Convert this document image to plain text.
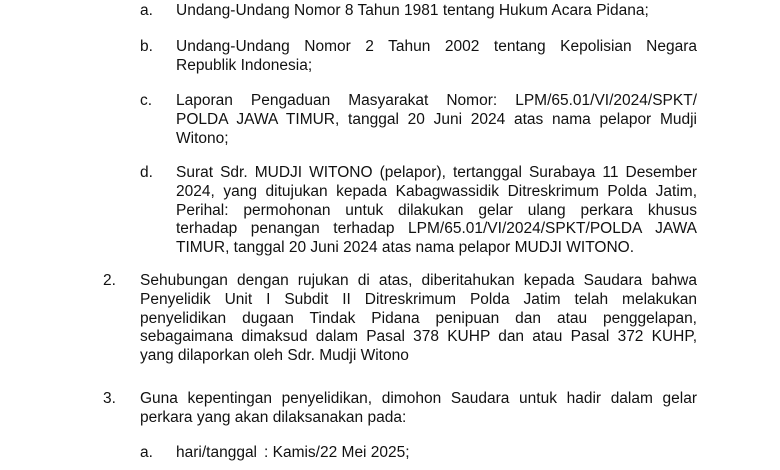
a. Undang-Undang Nomor 8 Tahun 1981 tentang Hukum Acara Pidana;
b. Undang-Undang Nomor 2 Tahun 2002 tentang Kepolisian Negara
Republik Indonesia;
c. Laporan Pengaduan Masyarakat Nomor: LPM/65.01/VI/2024/SPKT/
POLDA JAWA TIMUR, tanggal 20 Juni 2024 atas nama pelapor Mudji
Witono;
d. Surat Sdr. MUDJI WITONO (pelapor), tertanggal Surabaya 11 Desember
2024, yang ditujukan kepada Kabagwassidik Ditreskrimum Polda Jatim,
Perihal: permohonan untuk dilakukan gelar ulang perkara khusus
terhadap penangan terhadap LPM/65.01/VI/2024/SPKT/POLDA JAWA
TIMUR, tanggal 20 Juni 2024 atas nama pelapor MUDJI WITONO.
2. Sehubungan dengan rujukan di atas, diberitahukan kepada Saudara bahwa
Penyelidik Unit I Subdit II Ditreskrimum Polda Jatim telah melakukan
penyelidikan dugaan Tindak Pidana penipuan dan atau penggelapan,
sebagaimana dimaksud dalam Pasal 378 KUHP dan atau Pasal 372 KUHP,
yang dilaporkan oleh Sdr. Mudji Witono
3. Guna kepentingan penyelidikan, dimohon Saudara untuk hadir dalam gelar
perkara yang akan dilaksanakan pada:
a. hari/tanggal : Kamis/22 Mei 2025;
